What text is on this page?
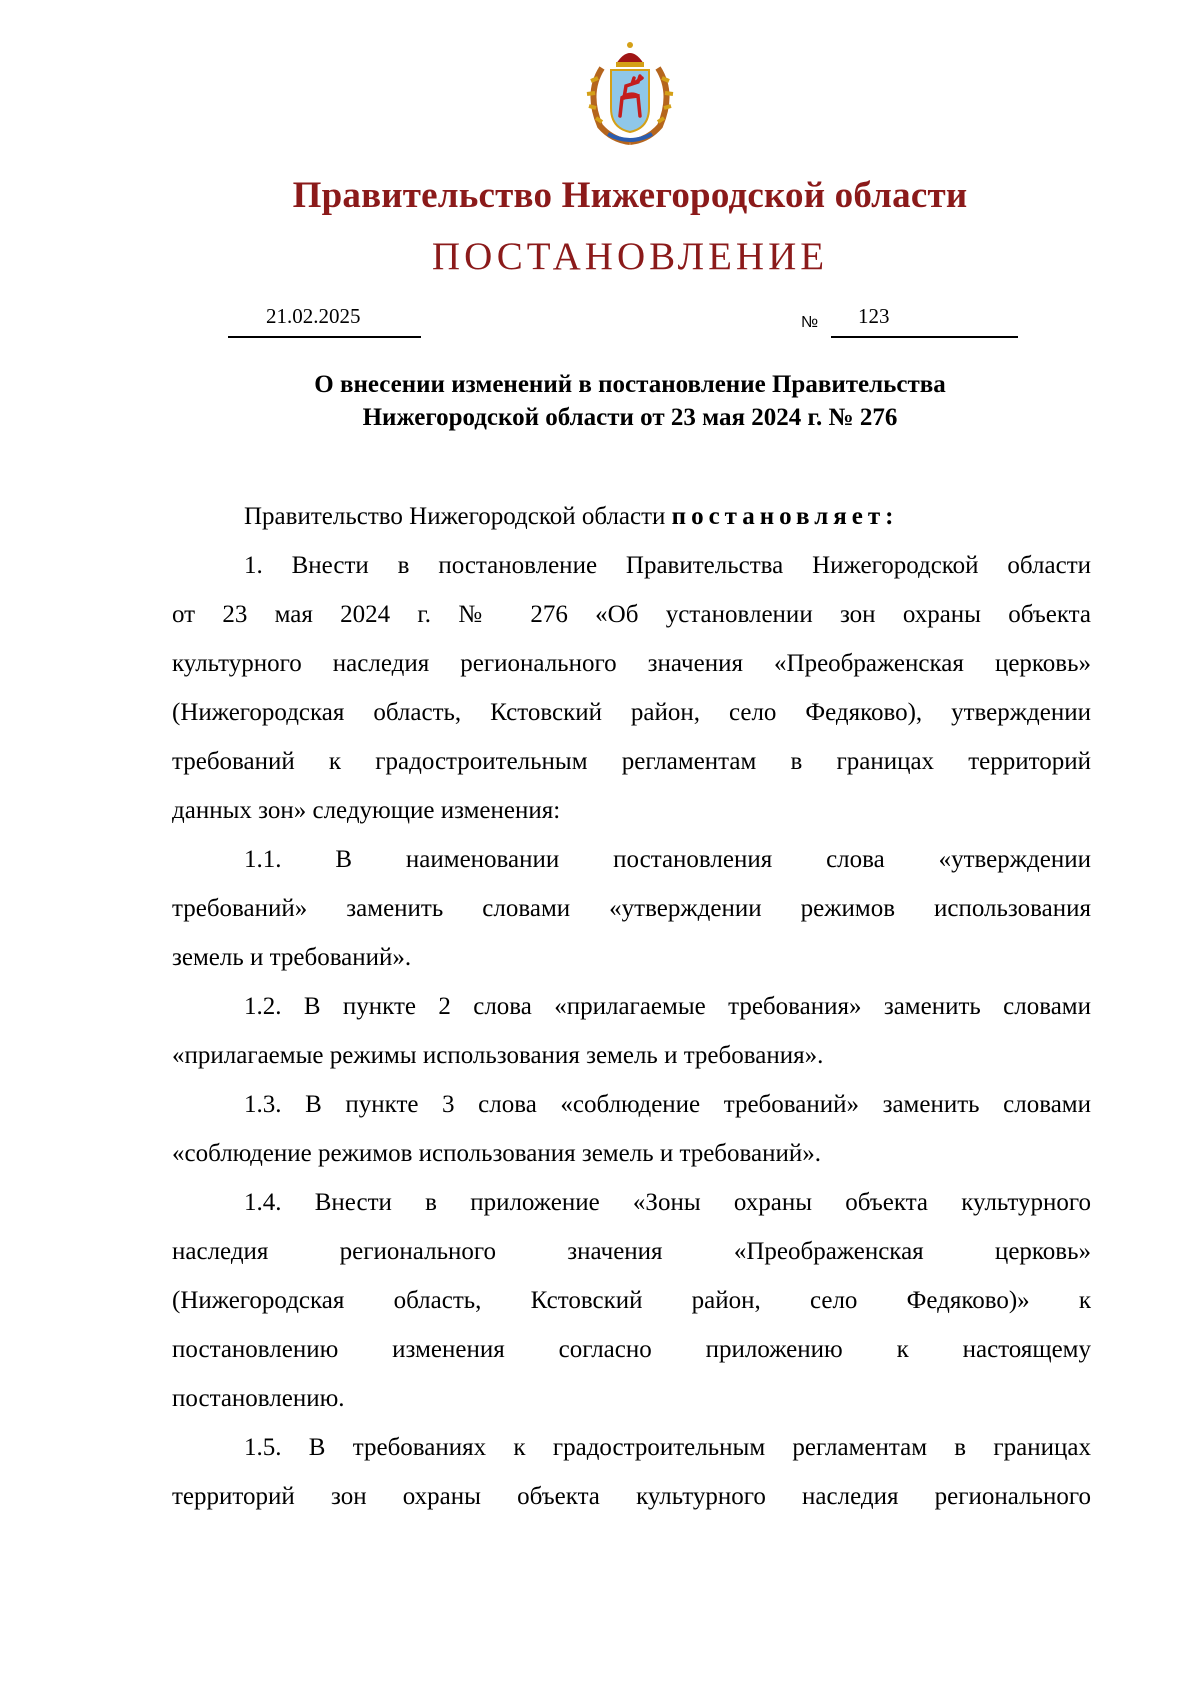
Правительство Нижегородской области
ПОСТАНОВЛЕНИЕ
21.02.2025	№ 123
О внесении изменений в постановление Правительства
Нижегородской области от 23 мая 2024 г. № 276
Правительство Нижегородской области постановляет:
1. Внести в постановление Правительства Нижегородской области
от 23 мая 2024 г. № 276 «Об установлении зон охраны объекта
культурного наследия регионального значения «Преображенская церковь»
(Нижегородская область, Кстовский район, село Федяково), утверждении
требований к градостроительным регламентам в границах территорий
данных зон» следующие изменения:
1.1. В наименовании постановления слова «утверждении
требований» заменить словами «утверждении режимов использования
земель и требований».
1.2. В пункте 2 слова «прилагаемые требования» заменить словами
«прилагаемые режимы использования земель и требования».
1.3. В пункте 3 слова «соблюдение требований» заменить словами
«соблюдение режимов использования земель и требований».
1.4. Внести в приложение «Зоны охраны объекта культурного
наследия регионального значения «Преображенская церковь»
(Нижегородская область, Кстовский район, село Федяково)» к
постановлению изменения согласно приложению к настоящему
постановлению.
1.5. В требованиях к градостроительным регламентам в границах
территорий зон охраны объекта культурного наследия регионального
